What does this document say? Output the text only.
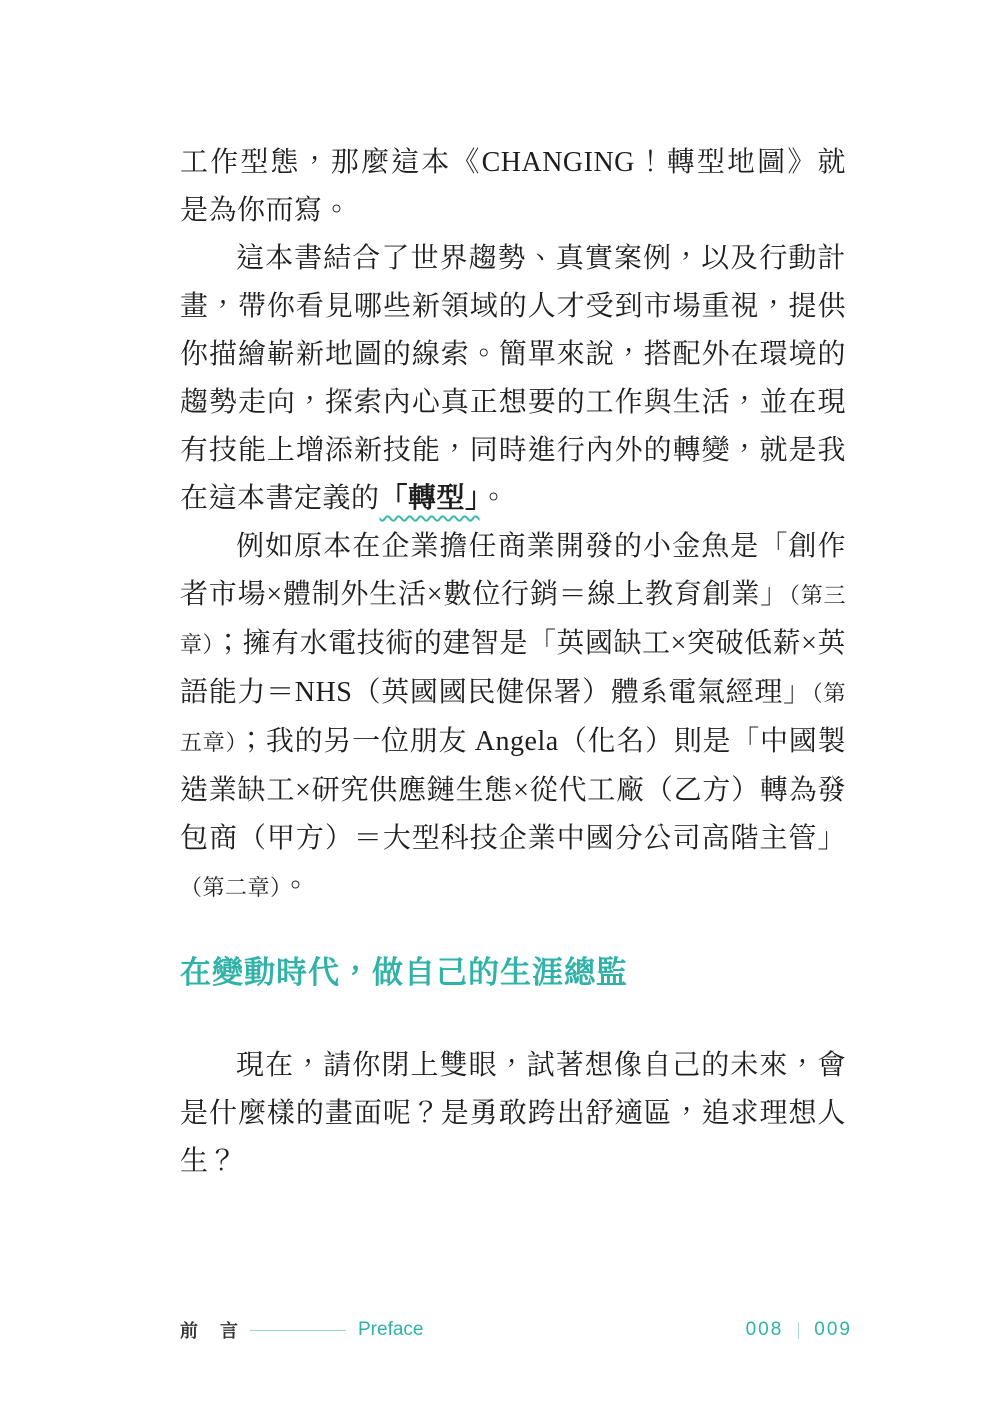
工作型態，那麼這本《CHANGING！轉型地圖》就是為你而寫。

這本書結合了世界趨勢、真實案例，以及行動計畫，帶你看見哪些新領域的人才受到市場重視，提供你描繪嶄新地圖的線索。簡單來說，搭配外在環境的趨勢走向，探索內心真正想要的工作與生活，並在現有技能上增添新技能，同時進行內外的轉變，就是我在這本書定義的「轉型」。

例如原本在企業擔任商業開發的小金魚是「創作者市場×體制外生活×數位行銷＝線上教育創業」（第三章）；擁有水電技術的建智是「英國缺工×突破低薪×英語能力＝NHS（英國國民健保署）體系電氣經理」（第五章）；我的另一位朋友 Angela（化名）則是「中國製造業缺工×研究供應鏈生態×從代工廠（乙方）轉為發包商（甲方）＝大型科技企業中國分公司高階主管」（第二章）。

在變動時代，做自己的生涯總監

現在，請你閉上雙眼，試著想像自己的未來，會是什麼樣的畫面呢？是勇敢跨出舒適區，追求理想人生？

前　言	Preface	008 009
